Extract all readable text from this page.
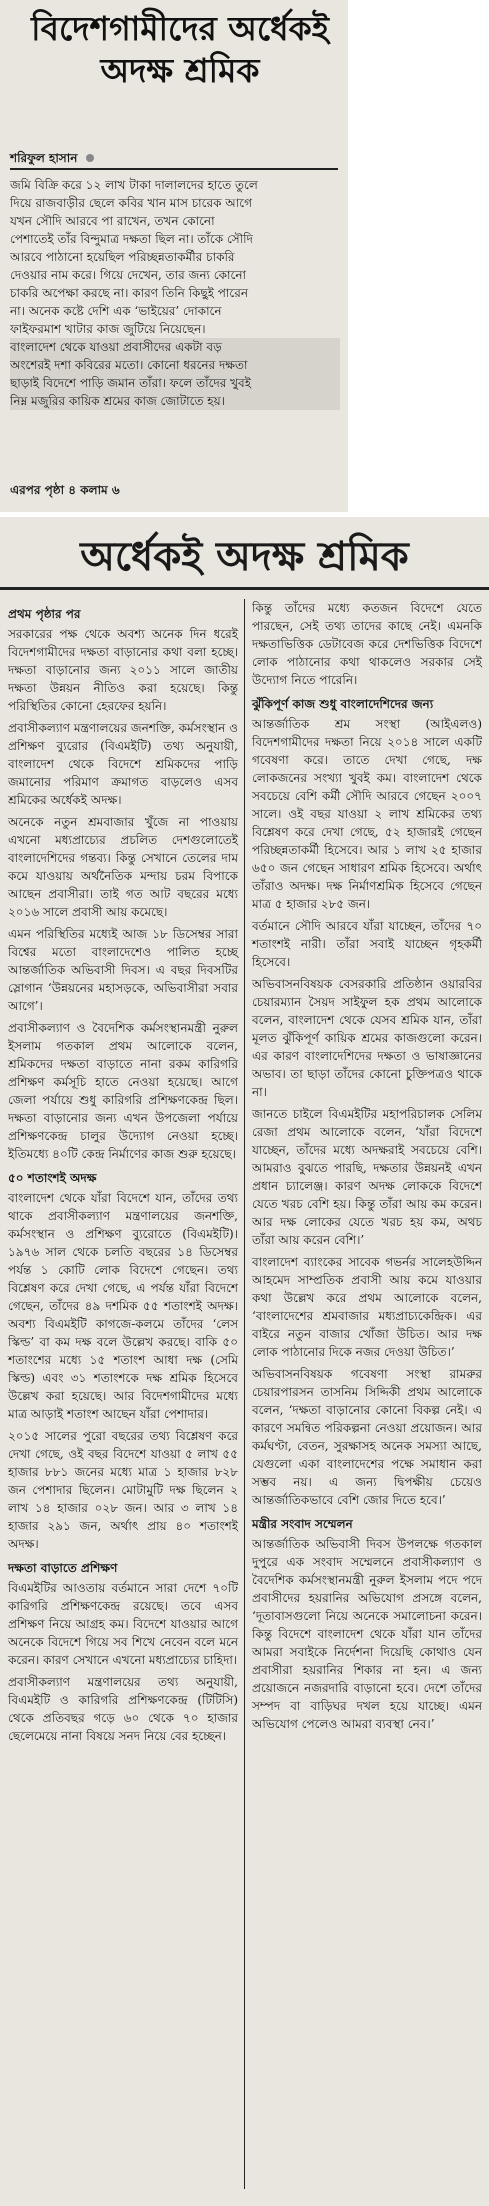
বিদেশগামীদের অর্ধেকই অদক্ষ শ্রমিক
শরিফুল হাসান
জমি বিক্রি করে ১২ লাখ টাকা দালালদের হাতে তুলে
দিয়ে রাজবাড়ীর ছেলে কবির খান মাস চারেক আগে
যখন সৌদি আরবে পা রাখেন, তখন কোনো
পেশাতেই তাঁর বিন্দুমাত্র দক্ষতা ছিল না। তাঁকে সৌদি
আরবে পাঠানো হয়েছিল পরিচ্ছন্নতাকর্মীর চাকরি
দেওয়ার নাম করে। গিয়ে দেখেন, তার জন্য কোনো
চাকরি অপেক্ষা করছে না। কারণ তিনি কিছুই পারেন
না। অনেক কষ্টে দেশি এক ‘ভাইয়ের’ দোকানে
ফাইফরমাশ খাটার কাজ জুটিয়ে নিয়েছেন।
বাংলাদেশ থেকে যাওয়া প্রবাসীদের একটা বড়
অংশেরই দশা কবিরের মতো। কোনো ধরনের দক্ষতা
ছাড়াই বিদেশে পাড়ি জমান তাঁরা। ফলে তাঁদের খুবই
নিম্ন মজুরির কায়িক শ্রমের কাজ জোটাতে হয়।
এরপর পৃষ্ঠা ৪ কলাম ৬
অর্ধেকই অদক্ষ শ্রমিক
প্রথম পৃষ্ঠার পর

সরকারের পক্ষ থেকে অবশ্য অনেক দিন ধরেই বিদেশগামীদের দক্ষতা বাড়ানোর কথা বলা হচ্ছে। দক্ষতা বাড়ানোর জন্য ২০১১ সালে জাতীয় দক্ষতা উন্নয়ন নীতিও করা হয়েছে। কিন্তু পরিস্থিতির কোনো হেরফের হয়নি।

প্রবাসীকল্যাণ মন্ত্রণালয়ের জনশক্তি, কর্মসংস্থান ও প্রশিক্ষণ ব্যুরোর (বিএমইটি) তথ্য অনুযায়ী, বাংলাদেশ থেকে বিদেশে শ্রমিকদের পাড়ি জমানোর পরিমাণ ক্রমাগত বাড়লেও এসব শ্রমিকের অর্ধেকই অদক্ষ।

অনেকে নতুন শ্রমবাজার খুঁজে না পাওয়ায় এখনো মধ্যপ্রাচ্যের প্রচলিত দেশগুলোতেই বাংলাদেশিদের গন্তব্য। কিন্তু সেখানে তেলের দাম কমে যাওয়ায় অর্থনৈতিক মন্দায় চরম বিপাকে আছেন প্রবাসীরা। তাই গত আট বছরের মধ্যে ২০১৬ সালে প্রবাসী আয় কমেছে।

এমন পরিস্থিতির মধ্যেই আজ ১৮ ডিসেম্বর সারা বিশ্বের মতো বাংলাদেশেও পালিত হচ্ছে আন্তর্জাতিক অভিবাসী দিবস। এ বছর দিবসটির স্লোগান ‘উন্নয়নের মহাসড়কে, অভিবাসীরা সবার আগে’।

প্রবাসীকল্যাণ ও বৈদেশিক কর্মসংস্থানমন্ত্রী নুরুল ইসলাম গতকাল প্রথম আলোকে বলেন, শ্রমিকদের দক্ষতা বাড়াতে নানা রকম কারিগরি প্রশিক্ষণ কর্মসূচি হাতে নেওয়া হয়েছে। আগে জেলা পর্যায়ে শুধু কারিগরি প্রশিক্ষণকেন্দ্র ছিল। দক্ষতা বাড়ানোর জন্য এখন উপজেলা পর্যায়ে প্রশিক্ষণকেন্দ্র চালুর উদ্যোগ নেওয়া হচ্ছে। ইতিমধ্যে ৪০টি কেন্দ্র নির্মাণের কাজ শুরু হয়েছে।

৫০ শতাংশই অদক্ষ

বাংলাদেশ থেকে যাঁরা বিদেশে যান, তাঁদের তথ্য থাকে প্রবাসীকল্যাণ মন্ত্রণালয়ের জনশক্তি, কর্মসংস্থান ও প্রশিক্ষণ ব্যুরোতে (বিএমইটি)। ১৯৭৬ সাল থেকে চলতি বছরের ১৪ ডিসেম্বর পর্যন্ত ১ কোটি লোক বিদেশে গেছেন। তথ্য বিশ্লেষণ করে দেখা গেছে, এ পর্যন্ত যাঁরা বিদেশে গেছেন, তাঁদের ৪৯ দশমিক ৫৫ শতাংশই অদক্ষ। অবশ্য বিএমইটি কাগজে-কলমে তাঁদের ‘লেস স্কিল্ড’ বা কম দক্ষ বলে উল্লেখ করছে। বাকি ৫০ শতাংশের মধ্যে ১৫ শতাংশ আধা দক্ষ (সেমি স্কিল্ড) এবং ৩১ শতাংশকে দক্ষ শ্রমিক হিসেবে উল্লেখ করা হয়েছে। আর বিদেশগামীদের মধ্যে মাত্র আড়াই শতাংশ আছেন যাঁরা পেশাদার।

২০১৫ সালের পুরো বছরের তথ্য বিশ্লেষণ করে দেখা গেছে, ওই বছর বিদেশে যাওয়া ৫ লাখ ৫৫ হাজার ৮৮১ জনের মধ্যে মাত্র ১ হাজার ৮২৮ জন পেশাদার ছিলেন। মোটামুটি দক্ষ ছিলেন ২ লাখ ১৪ হাজার ০২৮ জন। আর ৩ লাখ ১৪ হাজার ২৯১ জন, অর্থাৎ প্রায় ৪০ শতাংশই অদক্ষ।

দক্ষতা বাড়াতে প্রশিক্ষণ

বিএমইটির আওতায় বর্তমানে সারা দেশে ৭০টি কারিগরি প্রশিক্ষণকেন্দ্র রয়েছে। তবে এসব প্রশিক্ষণ নিয়ে আগ্রহ কম। বিদেশে যাওয়ার আগে অনেকে বিদেশে গিয়ে সব শিখে নেবেন বলে মনে করেন। কারণ সেখানে এখনো মধ্যপ্রাচ্যের চাহিদা।

প্রবাসীকল্যাণ মন্ত্রণালয়ের তথ্য অনুযায়ী, বিএমইটি ও কারিগরি প্রশিক্ষণকেন্দ্র (টিটিসি) থেকে প্রতিবছর গড়ে ৬০ থেকে ৭০ হাজার ছেলেমেয়ে নানা বিষয়ে সনদ নিয়ে বের হচ্ছেন।

কিন্তু তাঁদের মধ্যে কতজন বিদেশে যেতে পারছেন, সেই তথ্য তাদের কাছে নেই। এমনকি দক্ষতাভিত্তিক ডেটাবেজ করে দেশভিত্তিক বিদেশে লোক পাঠানোর কথা থাকলেও সরকার সেই উদ্যোগ নিতে পারেনি।

ঝুঁকিপূর্ণ কাজ শুধু বাংলাদেশিদের জন্য

আন্তর্জাতিক শ্রম সংস্থা (আইএলও) বিদেশগামীদের দক্ষতা নিয়ে ২০১৪ সালে একটি গবেষণা করে। তাতে দেখা গেছে, দক্ষ লোকজনের সংখ্যা খুবই কম। বাংলাদেশ থেকে সবচেয়ে বেশি কর্মী সৌদি আরবে গেছেন ২০০৭ সালে। ওই বছর যাওয়া ২ লাখ শ্রমিকের তথ্য বিশ্লেষণ করে দেখা গেছে, ৫২ হাজারই গেছেন পরিচ্ছন্নতাকর্মী হিসেবে। আর ১ লাখ ২৫ হাজার ৬৫০ জন গেছেন সাধারণ শ্রমিক হিসেবে। অর্থাৎ তাঁরাও অদক্ষ। দক্ষ নির্মাণশ্রমিক হিসেবে গেছেন মাত্র ৫ হাজার ২৮৫ জন।

বর্তমানে সৌদি আরবে যাঁরা যাচ্ছেন, তাঁদের ৭০ শতাংশই নারী। তাঁরা সবাই যাচ্ছেন গৃহকর্মী হিসেবে।

অভিবাসনবিষয়ক বেসরকারি প্রতিষ্ঠান ওয়ারবির চেয়ারম্যান সৈয়দ সাইফুল হক প্রথম আলোকে বলেন, বাংলাদেশ থেকে যেসব শ্রমিক যান, তাঁরা মূলত ঝুঁকিপূর্ণ কায়িক শ্রমের কাজগুলো করেন। এর কারণ বাংলাদেশিদের দক্ষতা ও ভাষাজ্ঞানের অভাব। তা ছাড়া তাঁদের কোনো চুক্তিপত্রও থাকে না।

জানতে চাইলে বিএমইটির মহাপরিচালক সেলিম রেজা প্রথম আলোকে বলেন, ‘যাঁরা বিদেশে যাচ্ছেন, তাঁদের মধ্যে অদক্ষরাই সবচেয়ে বেশি। আমরাও বুঝতে পারছি, দক্ষতার উন্নয়নই এখন প্রধান চ্যালেঞ্জ। কারণ অদক্ষ লোককে বিদেশে যেতে খরচ বেশি হয়। কিন্তু তাঁরা আয় কম করেন। আর দক্ষ লোকের যেতে খরচ হয় কম, অথচ তাঁরা আয় করেন বেশি।’

বাংলাদেশ ব্যাংকের সাবেক গভর্নর সালেহউদ্দিন আহমেদ সাম্প্রতিক প্রবাসী আয় কমে যাওয়ার কথা উল্লেখ করে প্রথম আলোকে বলেন, ‘বাংলাদেশের শ্রমবাজার মধ্যপ্রাচ্যকেন্দ্রিক। এর বাইরে নতুন বাজার খোঁজা উচিত। আর দক্ষ লোক পাঠানোর দিকে নজর দেওয়া উচিত।’

অভিবাসনবিষয়ক গবেষণা সংস্থা রামরুর চেয়ারপারসন তাসনিম সিদ্দিকী প্রথম আলোকে বলেন, ‘দক্ষতা বাড়ানোর কোনো বিকল্প নেই। এ কারণে সমন্বিত পরিকল্পনা নেওয়া প্রয়োজন। আর কর্মঘণ্টা, বেতন, সুরক্ষাসহ অনেক সমস্যা আছে, যেগুলো একা বাংলাদেশের পক্ষে সমাধান করা সম্ভব নয়। এ জন্য দ্বিপক্ষীয় চেয়েও আন্তর্জাতিকভাবে বেশি জোর দিতে হবে।’

মন্ত্রীর সংবাদ সম্মেলন

আন্তর্জাতিক অভিবাসী দিবস উপলক্ষে গতকাল দুপুরে এক সংবাদ সম্মেলনে প্রবাসীকল্যাণ ও বৈদেশিক কর্মসংস্থানমন্ত্রী নুরুল ইসলাম পদে পদে প্রবাসীদের হয়রানির অভিযোগ প্রসঙ্গে বলেন, ‘দূতাবাসগুলো নিয়ে অনেকে সমালোচনা করেন। কিন্তু বিদেশে বাংলাদেশ থেকে যাঁরা যান তাঁদের আমরা সবাইকে নির্দেশনা দিয়েছি কোথাও যেন প্রবাসীরা হয়রানির শিকার না হন। এ জন্য প্রয়োজনে নজরদারি বাড়ানো হবে। দেশে তাঁদের সম্পদ বা বাড়িঘর দখল হয়ে যাচ্ছে। এমন অভিযোগ পেলেও আমরা ব্যবস্থা নেব।’
